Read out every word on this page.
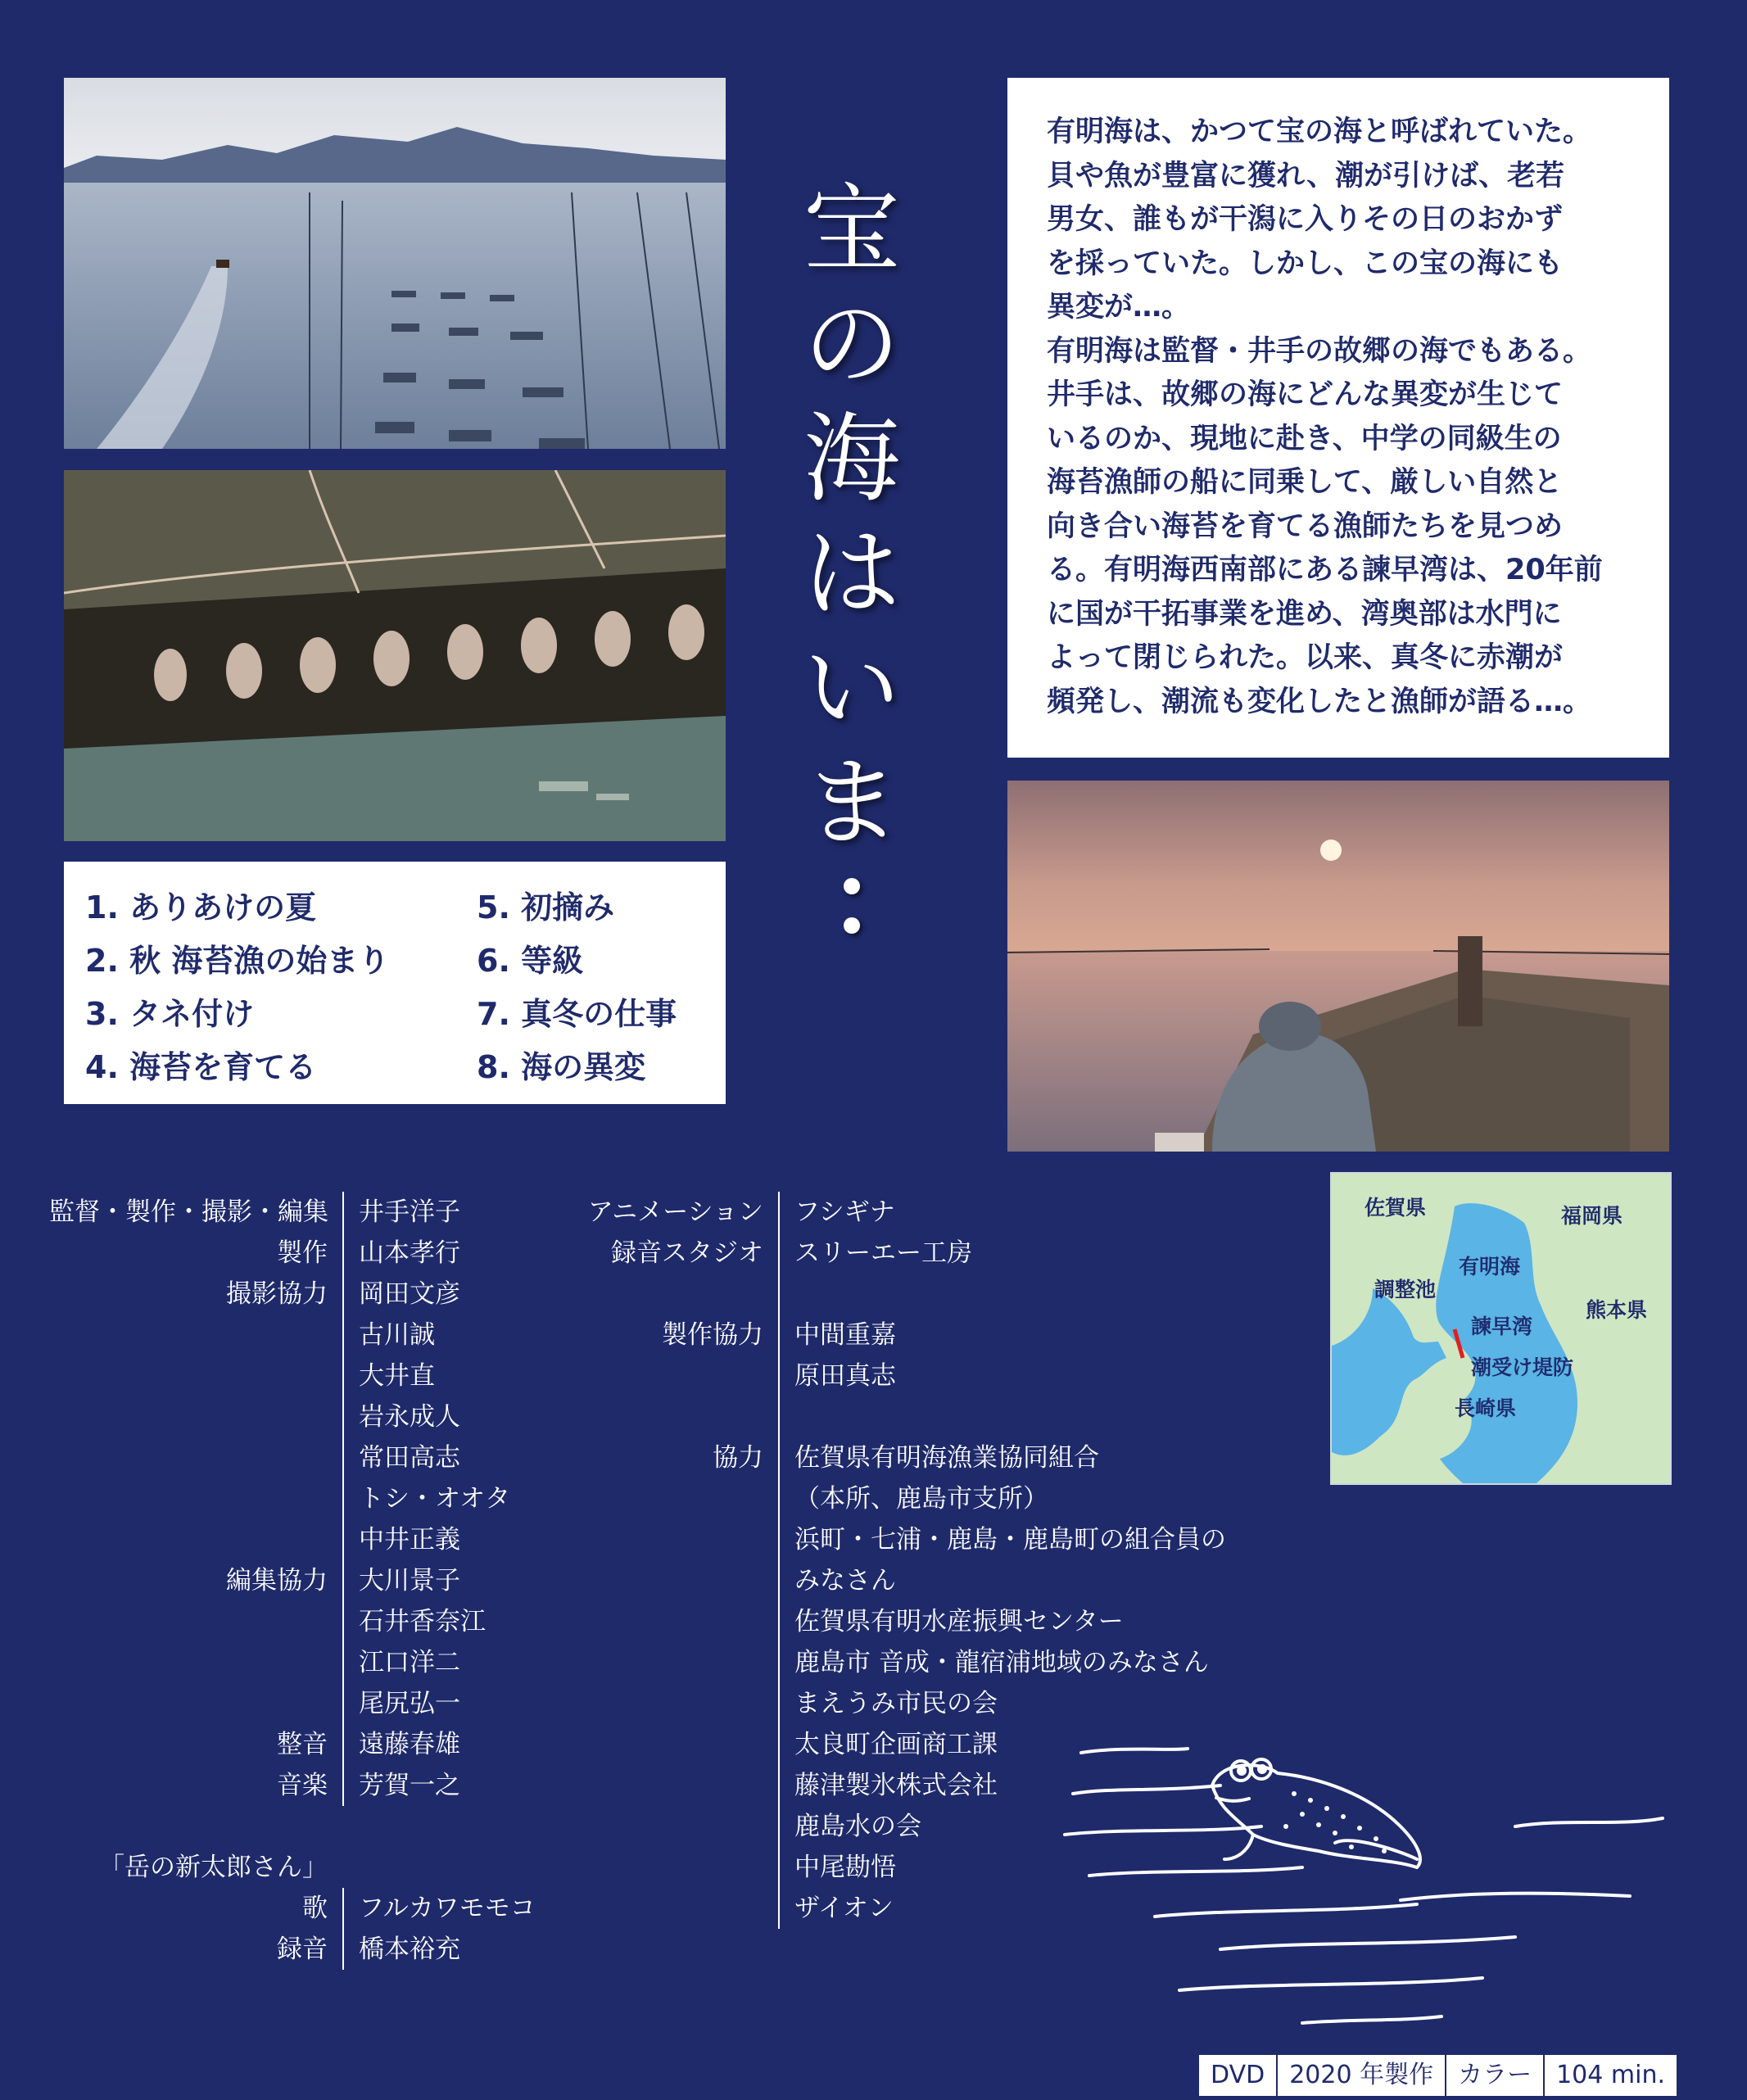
1. ありあけの夏
2. 秋 海苔漁の始まり
3. タネ付け
4. 海苔を育てる
5. 初摘み
6. 等級
7. 真冬の仕事
8. 海の異変
宝
の
海
は
い
ま

有明海は、かつて宝の海と呼ばれていた。

貝や魚が豊富に獲れ、潮が引けば、老若

男女、誰もが干潟に入りその日のおかず

を採っていた。しかし、この宝の海にも

異変が…。

有明海は監督・井手の故郷の海でもある。

井手は、故郷の海にどんな異変が生じて

いるのか、現地に赴き、中学の同級生の

海苔漁師の船に同乗して、厳しい自然と

向き合い海苔を育てる漁師たちを見つめ

る。有明海西南部にある諫早湾は、20年前

に国が干拓事業を進め、湾奥部は水門に

よって閉じられた。以来、真冬に赤潮が

頻発し、潮流も変化したと漁師が語る…。

監督・製作・撮影・編集	井手洋子
製作	山本孝行
撮影協力	岡田文彦
古川誠
大井直
岩永成人
常田高志
トシ・オオタ
中井正義
編集協力	大川景子
石井香奈江
江口洋二
尾尻弘一
整音	遠藤春雄
音楽	芳賀一之
「岳の新太郎さん」
歌	フルカワモモコ
録音	橋本裕充
アニメーション	フシギナ
録音スタジオ	スリーエー工房
製作協力	中間重嘉
原田真志
協力	佐賀県有明海漁業協同組合
（本所、鹿島市支所）
浜町・七浦・鹿島・鹿島町の組合員の
みなさん
佐賀県有明水産振興センター
鹿島市 音成・龍宿浦地域のみなさん
まえうみ市民の会
太良町企画商工課
藤津製氷株式会社
鹿島水の会
中尾勘悟
ザイオン
佐賀県	福岡県
有明海
調整池
諫早湾
熊本県
潮受け堤防
長崎県
DVD	2020 年製作	カラー	104 min.
